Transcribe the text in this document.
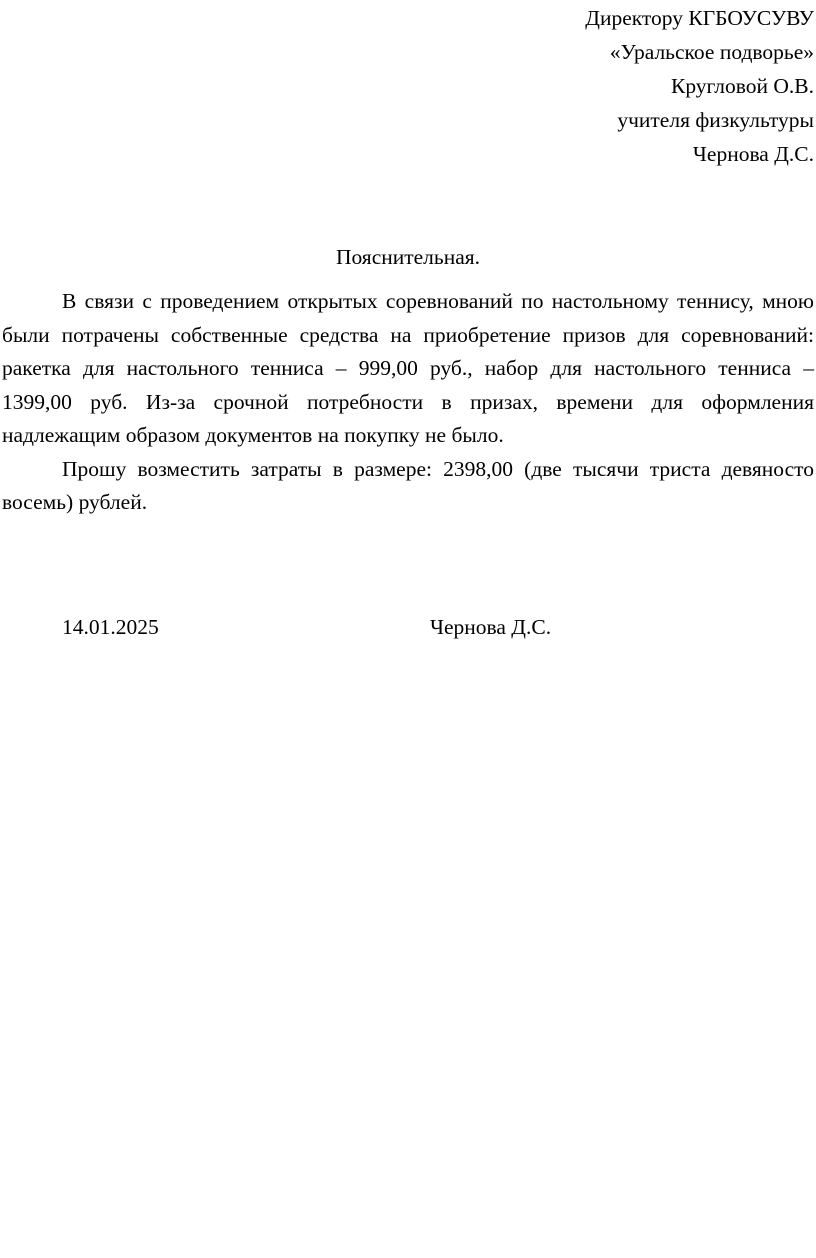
Директору КГБОУСУВУ
«Уральское подворье»
Кругловой О.В.
учителя физкультуры
Чернова Д.С.
Пояснительная.

В связи с проведением открытых соревнований по настольному теннису, мною были потрачены собственные средства на приобретение призов для соревнований: ракетка для настольного тенниса – 999,00 руб., набор для настольного тенниса – 1399,00 руб. Из-за срочной потребности в призах, времени для оформления надлежащим образом документов на покупку не было.

Прошу возместить затраты в размере: 2398,00 (две тысячи триста девяносто восемь) рублей.

14.01.2025	Чернова Д.С.
